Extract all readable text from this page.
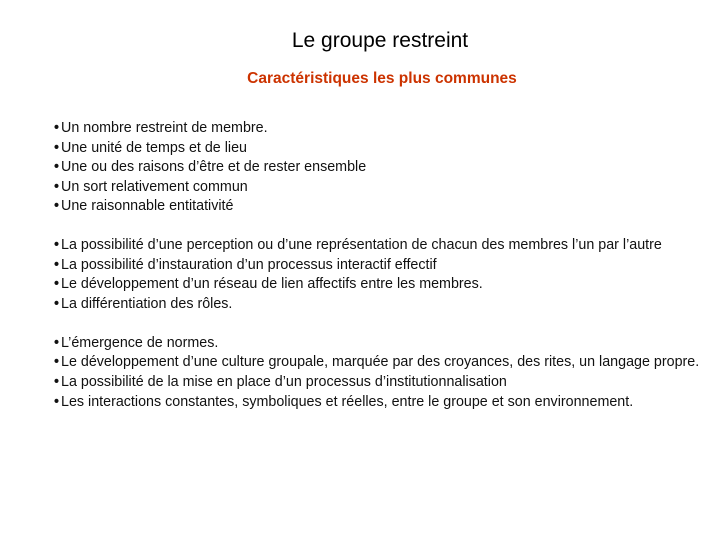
Le groupe restreint
Caractéristiques les plus communes
• Un nombre restreint de membre.
• Une unité de temps et de lieu
• Une ou des raisons d’être et de rester ensemble
• Un sort relativement commun
• Une raisonnable entitativité
• La possibilité d’une perception ou d’une représentation de chacun des membres l’un par l’autre
• La possibilité d’instauration d’un processus interactif effectif
• Le développement d’un réseau de lien affectifs entre les membres.
• La différentiation des rôles.
• L’émergence de normes.
• Le développement d’une culture groupale, marquée par des croyances, des rites, un langage propre.
• La possibilité de la mise en place d’un processus d’institutionnalisation
• Les interactions constantes, symboliques et réelles, entre le groupe et son environnement.
